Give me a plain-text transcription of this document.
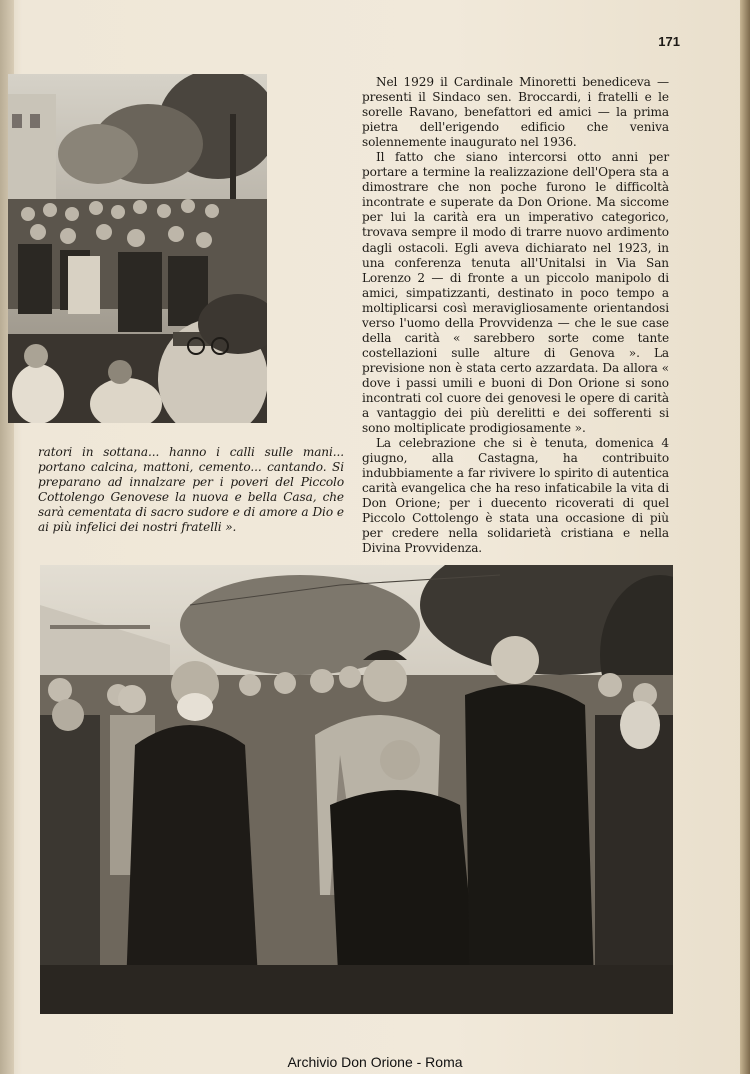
171

Nel 1929 il Cardinale Minoretti benediceva — presenti il Sindaco sen. Broccardi, i fratelli e le sorelle Ravano, benefattori ed amici — la prima pietra dell'erigendo edificio che veniva solennemente inaugurato nel 1936.

Il fatto che siano intercorsi otto anni per portare a termine la realizzazione dell'Opera sta a dimostrare che non poche furono le difficoltà incontrate e superate da Don Orione. Ma siccome per lui la carità era un imperativo categorico, trovava sempre il modo di trarre nuovo ardimento dagli ostacoli. Egli aveva dichiarato nel 1923, in una conferenza tenuta all'Unitalsi in Via San Lorenzo 2 — di fronte a un piccolo manipolo di amici, simpatizzanti, destinato in poco tempo a moltiplicarsi così meravigliosamente orientandosi verso l'uomo della Provvidenza — che le sue case della carità « sarebbero sorte come tante costellazioni sulle alture di Genova ». La previsione non è stata certo azzardata. Da allora « dove i passi umili e buoni di Don Orione si sono incontrati col cuore dei genovesi le opere di carità a vantaggio dei più derelitti e dei sofferenti si sono moltiplicate prodigiosamente ».

La celebrazione che si è tenuta, domenica 4 giugno, alla Castagna, ha contribuito indubbiamente a far rivivere lo spirito di autentica carità evangelica che ha reso infaticabile la vita di Don Orione; per i duecento ricoverati di quel Piccolo Cottolengo è stata una occasione di più per credere nella solidarietà cristiana e nella Divina Provvidenza.

ratori in sottana... hanno i calli sulle mani... portano calcina, mattoni, cemento... cantando. Si preparano ad innalzare per i poveri del Piccolo Cottolengo Genovese la nuova e bella Casa, che sarà cementata di sacro sudore e di amore a Dio e ai più infelici dei nostri fratelli ».
Archivio Don Orione - Roma
